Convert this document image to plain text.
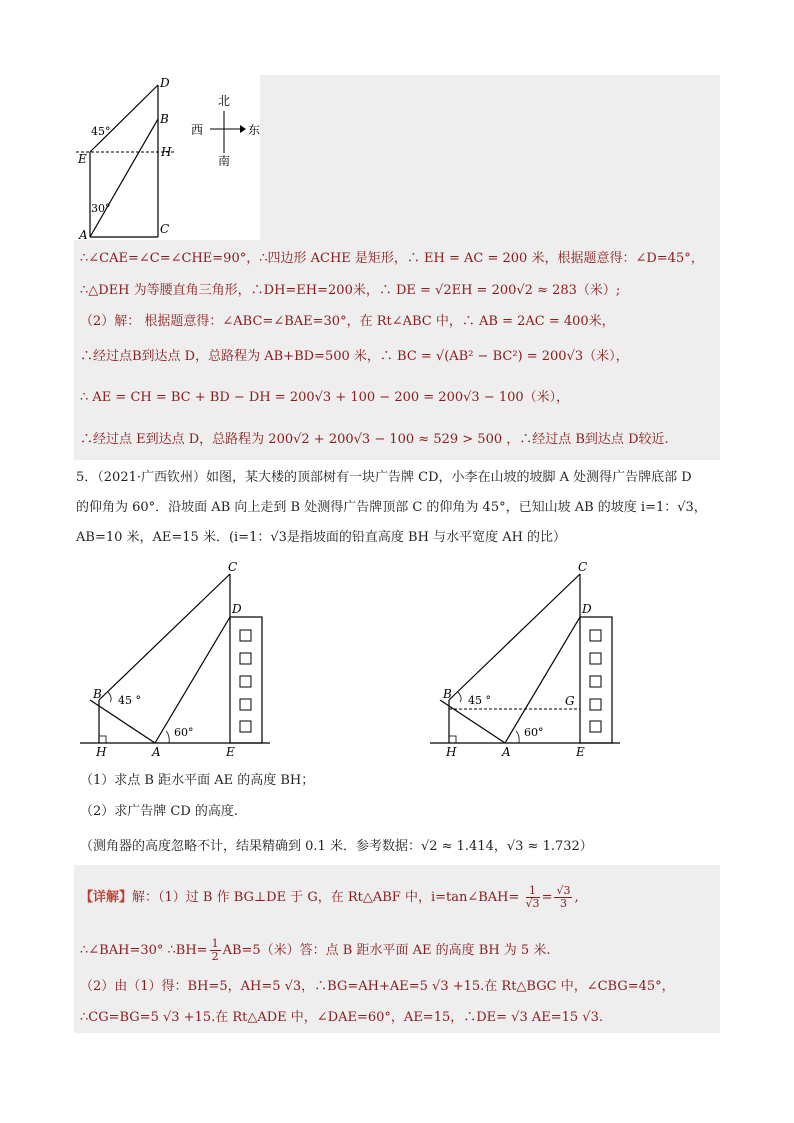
D
B
H
E
A	C
45°
30°
北
西	东
南
∴∠CAE=∠C=∠CHE=90°，∴四边形 ACHE 是矩形，∴ EH = AC = 200 米，根据题意得：∠D=45°，
∴△DEH 为等腰直角三角形，∴DH=EH=200米，∴ DE = √2EH = 200√2 ≈ 283（米）;
（2）解： 根据题意得：∠ABC=∠BAE=30°，在 Rt∠ABC 中，∴ AB = 2AC = 400米，
∴经过点B到达点 D，总路程为 AB+BD=500 米，∴ BC = √(AB² − BC²) = 200√3（米），
∴ AE = CH = BC + BD − DH = 200√3 + 100 − 200 = 200√3 − 100（米），
∴经过点 E到达点 D，总路程为 200√2 + 200√3 − 100 ≈ 529 > 500 ，∴经过点 B到达点 D较近.
5．（2021·广西钦州）如图，某大楼的顶部树有一块广告牌 CD，小李在山坡的坡脚 A 处测得广告牌底部 D
的仰角为 60°．沿坡面 AB 向上走到 B 处测得广告牌顶部 C 的仰角为 45°，已知山坡 AB 的坡度 i=1：√3，
AB=10 米，AE=15 米．(i=1：√3是指坡面的铅直高度 BH 与水平宽度 AH 的比）
C
D
B 45 °
60°
H	A	E
C
D
B	G
45 °
60°
H	A	E
（1）求点 B 距水平面 AE 的高度 BH；
（2）求广告牌 CD 的高度.
（测角器的高度忽略不计，结果精确到 0.1 米．参考数据：√2 ≈ 1.414，√3 ≈ 1.732）
【详解】解：（1）过 B 作 BG⊥DE 于 G，在 Rt△ABF 中，i=tan∠BAH= $\frac{1}{√3} = \frac{√3}{3}$ ,
∴∠BAH=30° ∴BH= $\frac{1}{2} AB=5$（米）答：点 B 距水平面 AE 的高度 BH 为 5 米.
（2）由（1）得：BH=5，AH=5 √3，∴BG=AH+AE=5 √3 +15.在 Rt△BGC 中，∠CBG=45°，
∴CG=BG=5 √3 +15.在 Rt△ADE 中，∠DAE=60°，AE=15，∴DE= √3 AE=15 √3.
